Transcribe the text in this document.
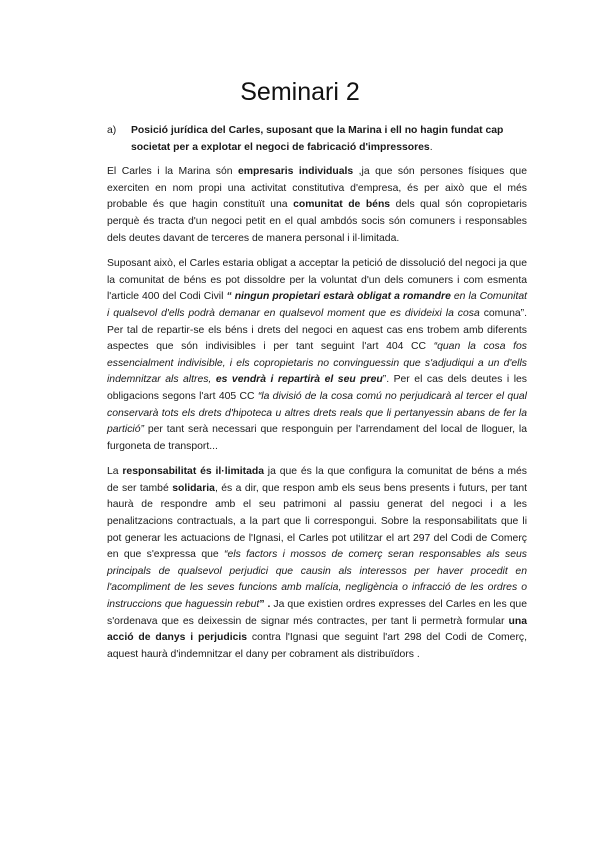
Seminari 2
a)	Posició jurídica del Carles, suposant que la Marina i ell no hagin fundat cap societat per a explotar el negoci de fabricació d'impressores.

El Carles i la Marina són empresaris individuals ,ja que són persones físiques que exerciten en nom propi una activitat constitutiva d'empresa, és per això que el més probable és que hagin constituït una comunitat de béns dels qual són copropietaris perquè és tracta d'un negoci petit en el qual ambdós socis són comuners i responsables dels deutes davant de terceres de manera personal i il·limitada.

Suposant això, el Carles estaria obligat a acceptar la petició de dissolució del negoci ja que la comunitat de béns es pot dissoldre per la voluntat d'un dels comuners i com esmenta l'article 400 del Codi Civil “ ningun propietari estarà obligat a romandre en la Comunitat i qualsevol d'ells podrà demanar en qualsevol moment que es divideixi la cosa comuna”. Per tal de repartir-se els béns i drets del negoci en aquest cas ens trobem amb diferents aspectes que són indivisibles i per tant seguint l'art 404 CC “quan la cosa fos essencialment indivisible, i els copropietaris no convinguessin que s'adjudiqui a un d'ells indemnitzar als altres, es vendrà i repartirà el seu preu”. Per el cas dels deutes i les obligacions segons l'art 405 CC “la divisió de la cosa comú no perjudicarà al tercer el qual conservarà tots els drets d'hipoteca u altres drets reals que li pertanyessin abans de fer la partició” per tant serà necessari que responguin per l'arrendament del local de lloguer, la furgoneta de transport...

La responsabilitat és il·limitada ja que és la que configura la comunitat de béns a més de ser també solidaria, és a dir, que respon amb els seus bens presents i futurs, per tant haurà de respondre amb el seu patrimoni al passiu generat del negoci i a les penalitzacions contractuals, a la part que li correspongui. Sobre la responsabilitats que li pot generar les actuacions de l'Ignasi, el Carles pot utilitzar el art 297 del Codi de Comerç en que s'expressa que “els factors i mossos de comerç seran responsables als seus principals de qualsevol perjudici que causin als interessos per haver procedit en l'acompliment de les seves funcions amb malícia, negligència o infracció de les ordres o instruccions que haguessin rebut” . Ja que existien ordres expresses del Carles en les que s'ordenava que es deixessin de signar més contractes, per tant li permetrà formular una acció de danys i perjudicis contra l'Ignasi que seguint l'art 298 del Codi de Comerç, aquest haurà d'indemnitzar el dany per cobrament als distribuïdors .
